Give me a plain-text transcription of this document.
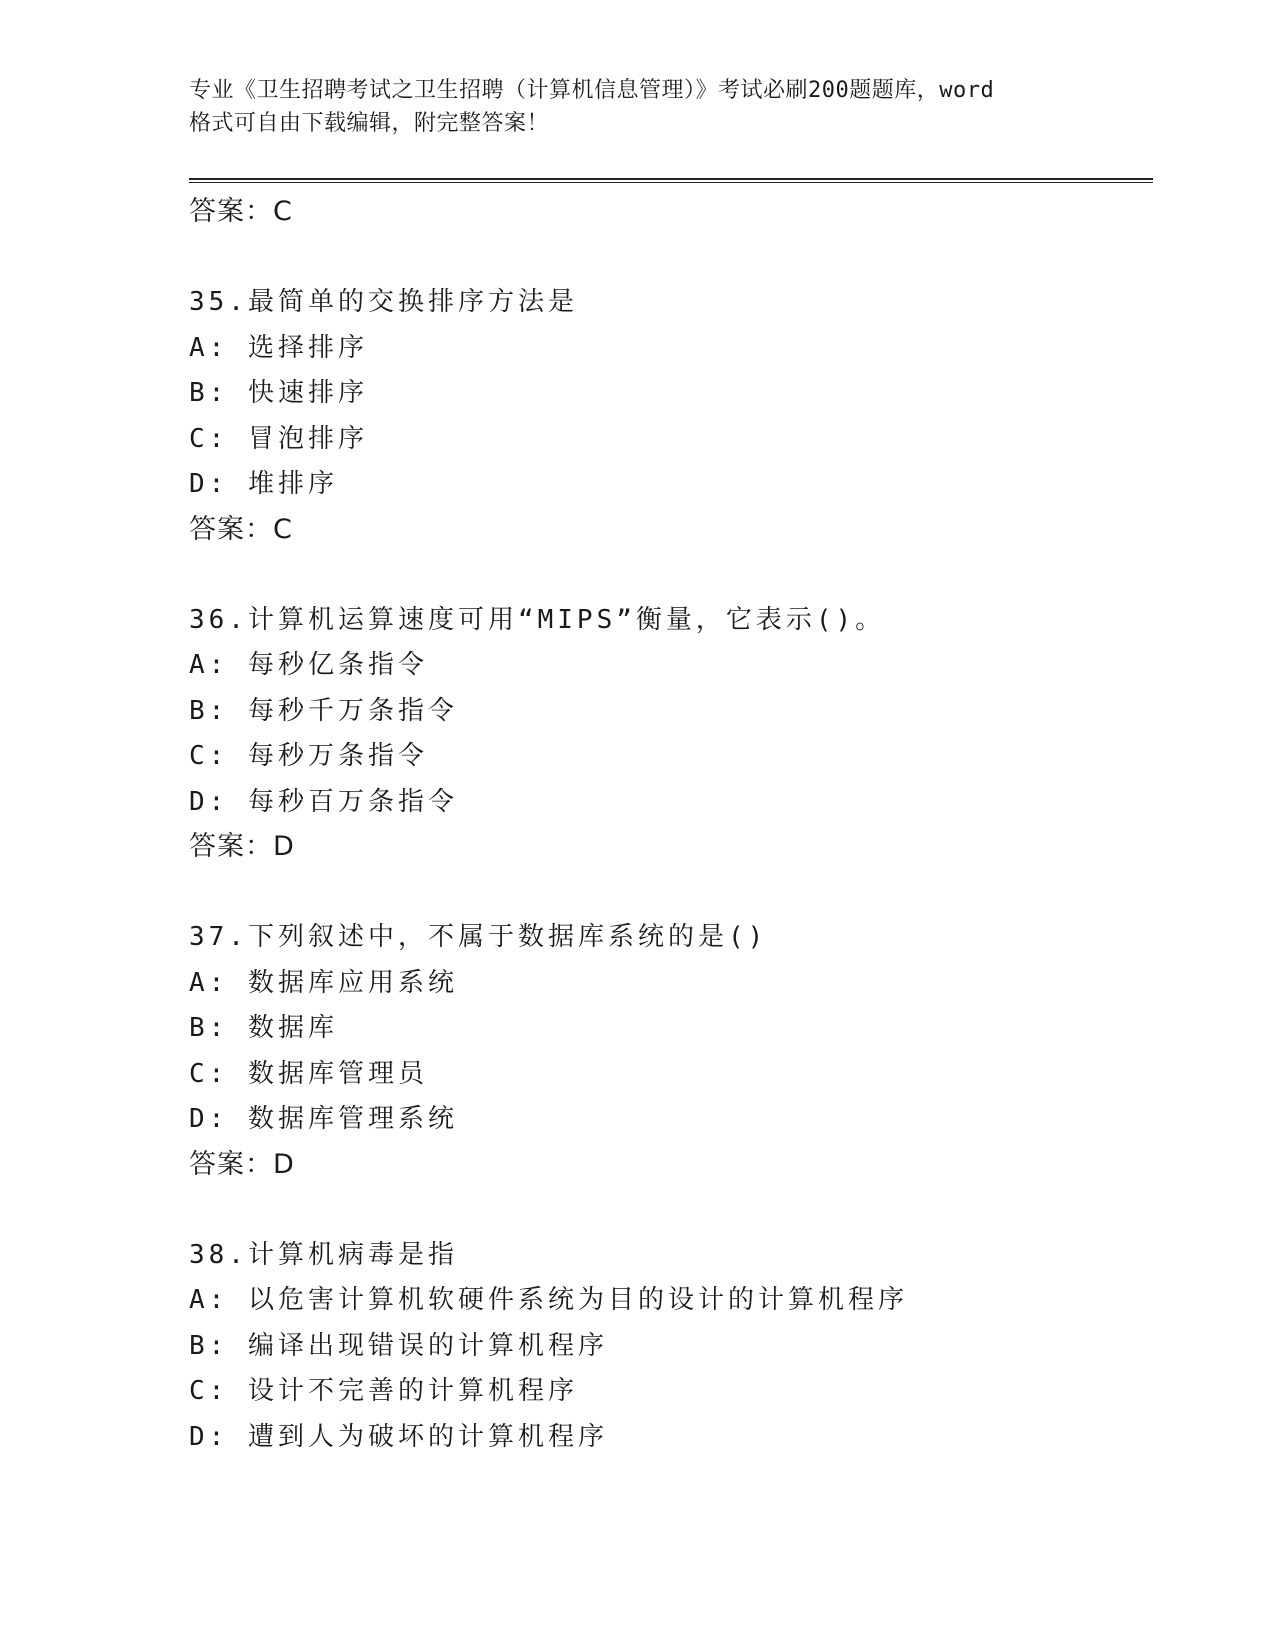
专业《卫生招聘考试之卫生招聘（计算机信息管理）》考试必刷200题题库，word
格式可自由下载编辑，附完整答案！
答案：C
35.最简单的交换排序方法是
A: 选择排序
B: 快速排序
C: 冒泡排序
D: 堆排序
答案：C
36.计算机运算速度可用“MIPS”衡量，它表示()。
A: 每秒亿条指令
B: 每秒千万条指令
C: 每秒万条指令
D: 每秒百万条指令
答案：D
37.下列叙述中，不属于数据库系统的是()
A: 数据库应用系统
B: 数据库
C: 数据库管理员
D: 数据库管理系统
答案：D
38.计算机病毒是指
A: 以危害计算机软硬件系统为目的设计的计算机程序
B: 编译出现错误的计算机程序
C: 设计不完善的计算机程序
D: 遭到人为破坏的计算机程序
